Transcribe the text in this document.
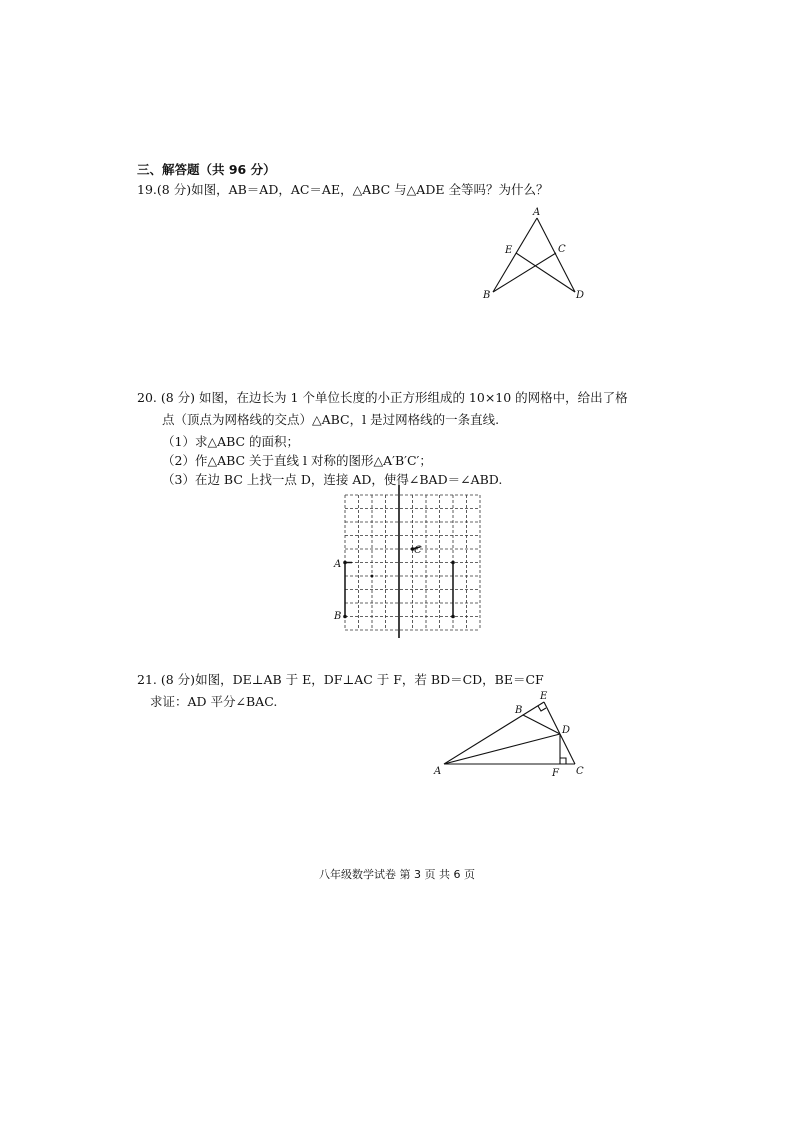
三、解答题（共 96 分）
19.(8 分)如图，AB＝AD，AC＝AE，△ABC 与△ADE 全等吗？为什么？
A
B
C
D
E
20. (8 分) 如图，在边长为 1 个单位长度的小正方形组成的 10×10 的网格中，给出了格
点（顶点为网格线的交点）△ABC，l 是过网格线的一条直线.
（1）求△ABC 的面积；
（2）作△ABC 关于直线 l 对称的图形△A′B′C′；
（3）在边 BC 上找一点 D，连接 AD，使得∠BAD＝∠ABD.
A
B
C
21. (8 分)如图，DE⊥AB 于 E，DF⊥AC 于 F，若 BD＝CD，BE＝CF
求证：AD 平分∠BAC.
A
B
C
D
E
F
八年级数学试卷 第 3 页 共 6 页
